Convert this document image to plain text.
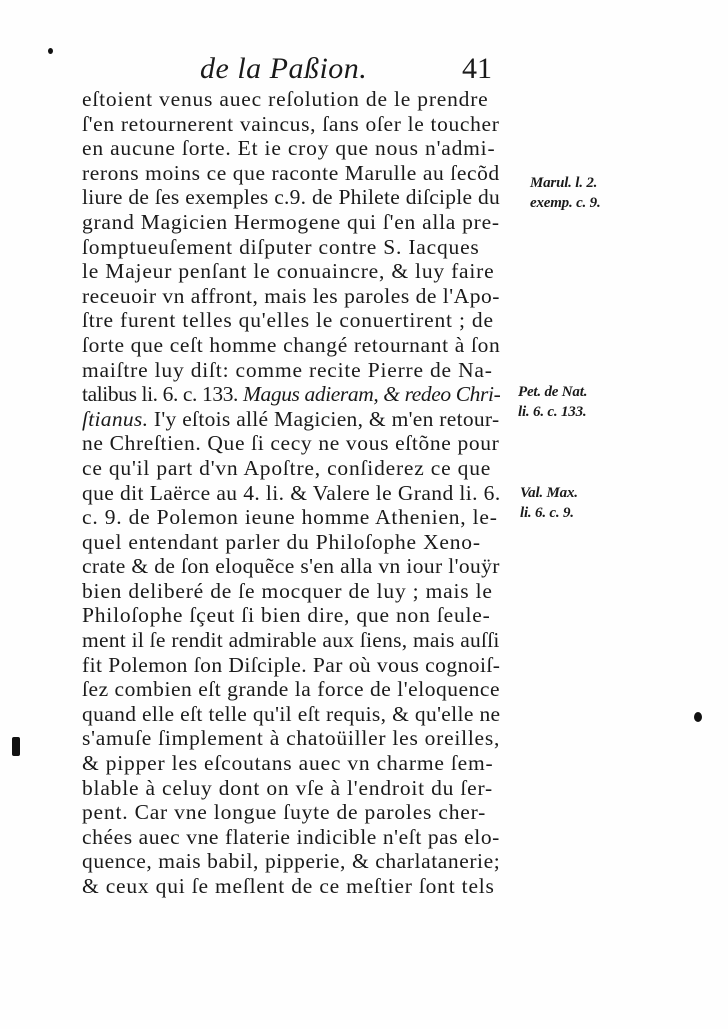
de la Paßion.	41
eſtoient venus auec reſolution de le prendre
ſ'en retournerent vaincus, ſans oſer le toucher
en aucune ſorte. Et ie croy que nous n'admi-
rerons moins ce que raconte Marulle au ſecõd
liure de ſes exemples c.9. de Philete diſciple du
grand Magicien Hermogene qui ſ'en alla pre-
ſomptueuſement diſputer contre S. Iacques
le Majeur penſant le conuaincre, & luy faire
receuoir vn affront, mais les paroles de l'Apo-
ſtre furent telles qu'elles le conuertirent ; de
ſorte que ceſt homme changé retournant à ſon
maiſtre luy diſt: comme recite Pierre de Na-
talibus li. 6. c. 133. Magus adieram, & redeo Chri-
ſtianus. I'y eſtois allé Magicien, & m'en retour-
ne Chreſtien. Que ſi cecy ne vous eſtõne pour
ce qu'il part d'vn Apoſtre, conſiderez ce que
que dit Laërce au 4. li. & Valere le Grand li. 6.
c. 9. de Polemon ieune homme Athenien, le-
quel entendant parler du Philoſophe Xeno-
crate & de ſon eloquẽce s'en alla vn iour l'ouÿr
bien deliberé de ſe mocquer de luy ; mais le
Philoſophe ſçeut ſi bien dire, que non ſeule-
ment il ſe rendit admirable aux ſiens, mais auſſi
fit Polemon ſon Diſciple. Par où vous cognoiſ-
ſez combien eſt grande la force de l'eloquence
quand elle eſt telle qu'il eſt requis, & qu'elle ne
s'amuſe ſimplement à chatoüiller les oreilles,
& pipper les eſcoutans auec vn charme ſem-
blable à celuy dont on vſe à l'endroit du ſer-
pent. Car vne longue ſuyte de paroles cher-
chées auec vne flaterie indicible n'eſt pas elo-
quence, mais babil, pipperie, & charlatanerie;
& ceux qui ſe meſlent de ce meſtier ſont tels
Marul. l. 2.
exemp. c. 9.
Pet. de Nat.
li. 6. c. 133.
Val. Max.
li. 6. c. 9.
